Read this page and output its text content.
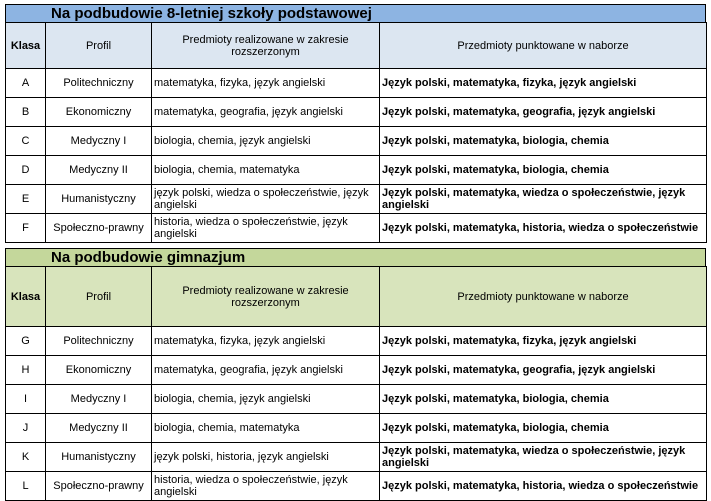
Na podbudowie 8-letniej szkoły podstawowej
Klasa	Profil	Predmioty realizowane w zakresie rozszerzonym	Przedmioty punktowane w naborze
A	Politechniczny	matematyka, fizyka, język angielski	Język polski, matematyka, fizyka, język angielski
B	Ekonomiczny	matematyka, geografia, język angielski	Język polski, matematyka, geografia, język angielski
C	Medyczny I	biologia, chemia, język angielski	Język polski, matematyka, biologia, chemia
D	Medyczny II	biologia, chemia, matematyka	Język polski, matematyka, biologia, chemia
E	Humanistyczny	język polski, wiedza o społeczeństwie, język angielski	Język polski, matematyka, wiedza o społeczeństwie, język angielski
F	Społeczno-prawny	historia, wiedza o społeczeństwie, język angielski	Język polski, matematyka, historia, wiedza o społeczeństwie
Na podbudowie gimnazjum
Klasa	Profil	Predmioty realizowane w zakresie rozszerzonym	Przedmioty punktowane w naborze
G	Politechniczny	matematyka, fizyka, język angielski	Język polski, matematyka, fizyka, język angielski
H	Ekonomiczny	matematyka, geografia, język angielski	Język polski, matematyka, geografia, język angielski
I	Medyczny I	biologia, chemia, język angielski	Język polski, matematyka, biologia, chemia
J	Medyczny II	biologia, chemia, matematyka	Język polski, matematyka, biologia, chemia
K	Humanistyczny	język polski, historia, język angielski	Język polski, matematyka, wiedza o społeczeństwie, język angielski
L	Społeczno-prawny	historia, wiedza o społeczeństwie, język angielski	Język polski, matematyka, historia, wiedza o społeczeństwie
